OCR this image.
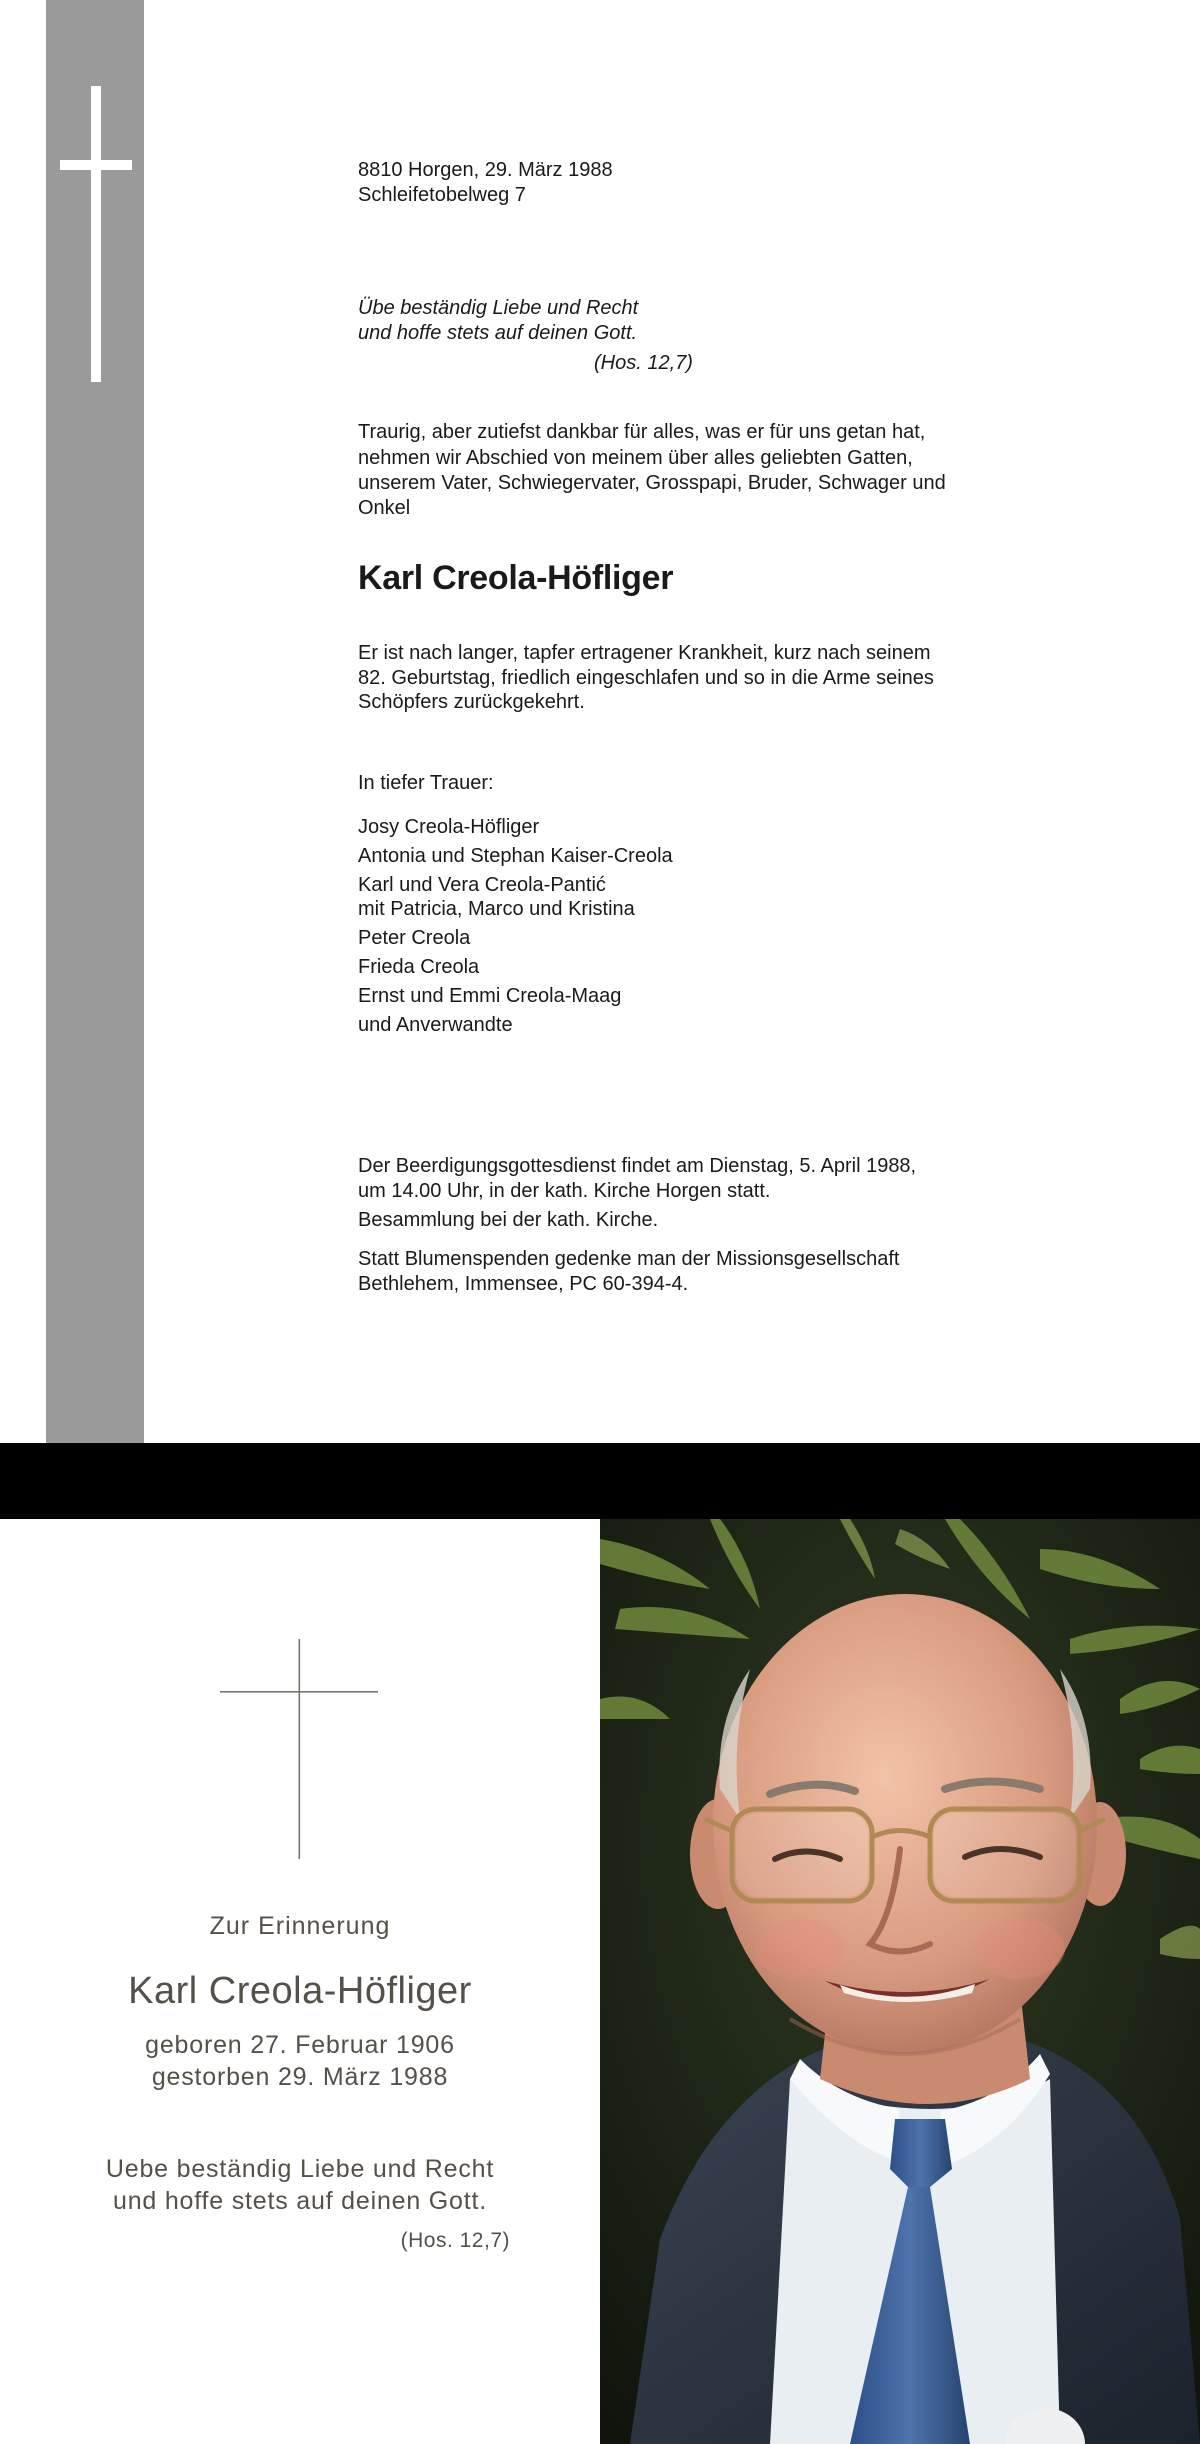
8810 Horgen, 29. März 1988
Schleifetobelweg 7
Übe beständig Liebe und Recht
und hoffe stets auf deinen Gott.
(Hos. 12,7)
Traurig, aber zutiefst dankbar für alles, was er für uns getan hat,
nehmen wir Abschied von meinem über alles geliebten Gatten,
unserem Vater, Schwiegervater, Grosspapi, Bruder, Schwager und
Onkel
Karl Creola-Höfliger
Er ist nach langer, tapfer ertragener Krankheit, kurz nach seinem
82. Geburtstag, friedlich eingeschlafen und so in die Arme seines
Schöpfers zurückgekehrt.
In tiefer Trauer:
Josy Creola-Höfliger
Antonia und Stephan Kaiser-Creola
Karl und Vera Creola-Pantić
mit Patricia, Marco und Kristina
Peter Creola
Frieda Creola
Ernst und Emmi Creola-Maag
und Anverwandte
Der Beerdigungsgottesdienst findet am Dienstag, 5. April 1988,
um 14.00 Uhr, in der kath. Kirche Horgen statt.
Besammlung bei der kath. Kirche.
Statt Blumenspenden gedenke man der Missionsgesellschaft
Bethlehem, Immensee, PC 60-394-4.
Zur Erinnerung
Karl Creola-Höfliger
geboren 27. Februar 1906
gestorben 29. März 1988
Uebe beständig Liebe und Recht
und hoffe stets auf deinen Gott.
(Hos. 12,7)
